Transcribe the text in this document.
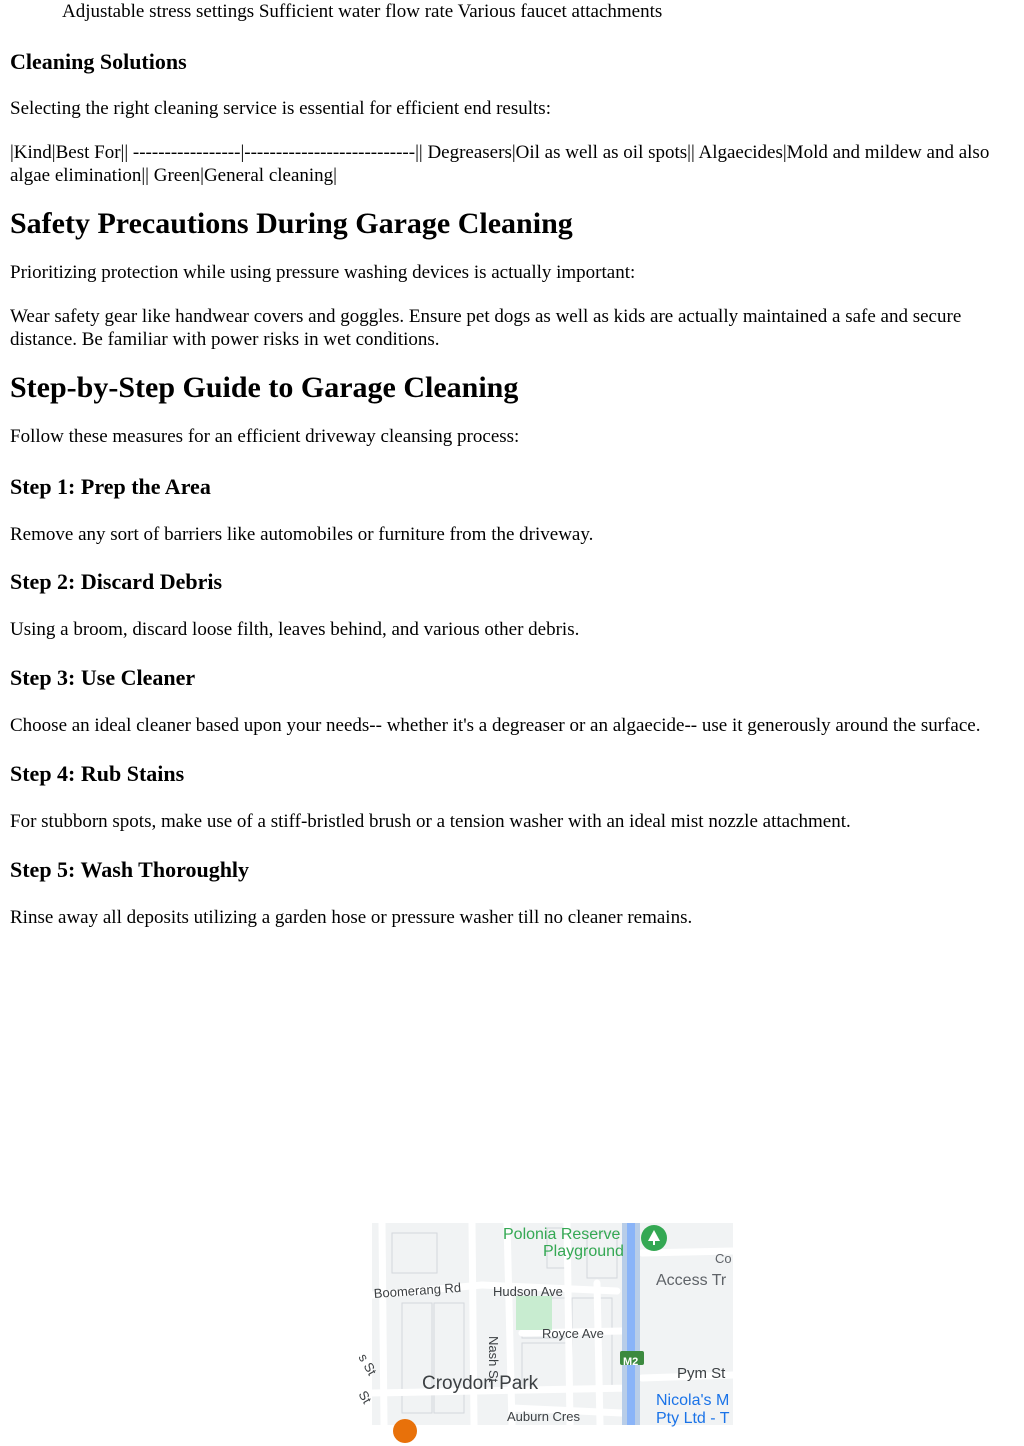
Adjustable stress settings Sufficient water flow rate Various faucet attachments

Cleaning Solutions

Selecting the right cleaning service is essential for efficient end results:

|Kind|Best For|| -----------------|---------------------------|| Degreasers|Oil as well as oil spots|| Algaecides|Mold and mildew and also algae elimination|| Green|General cleaning|

Safety Precautions During Garage Cleaning

Prioritizing protection while using pressure washing devices is actually important:

Wear safety gear like handwear covers and goggles. Ensure pet dogs as well as kids are actually maintained a safe and secure distance. Be familiar with power risks in wet conditions.

Step-by-Step Guide to Garage Cleaning

Follow these measures for an efficient driveway cleansing process:

Step 1: Prep the Area

Remove any sort of barriers like automobiles or furniture from the driveway.

Step 2: Discard Debris

Using a broom, discard loose filth, leaves behind, and various other debris.

Step 3: Use Cleaner

Choose an ideal cleaner based upon your needs-- whether it's a degreaser or an algaecide-- use it generously around the surface.

Step 4: Rub Stains

For stubborn spots, make use of a stiff-bristled brush or a tension washer with an ideal mist nozzle attachment.

Step 5: Wash Thoroughly

Rinse away all deposits utilizing a garden hose or pressure washer till no cleaner remains.

Polonia Reserve
Playground	Co
Access Tr
Boomerang Rd Hudson Ave
Royce Ave
Nash St	M2
Pym St
Croydon Park
Nicola's M
Pty Ltd - T
Auburn Cres
s St
St
